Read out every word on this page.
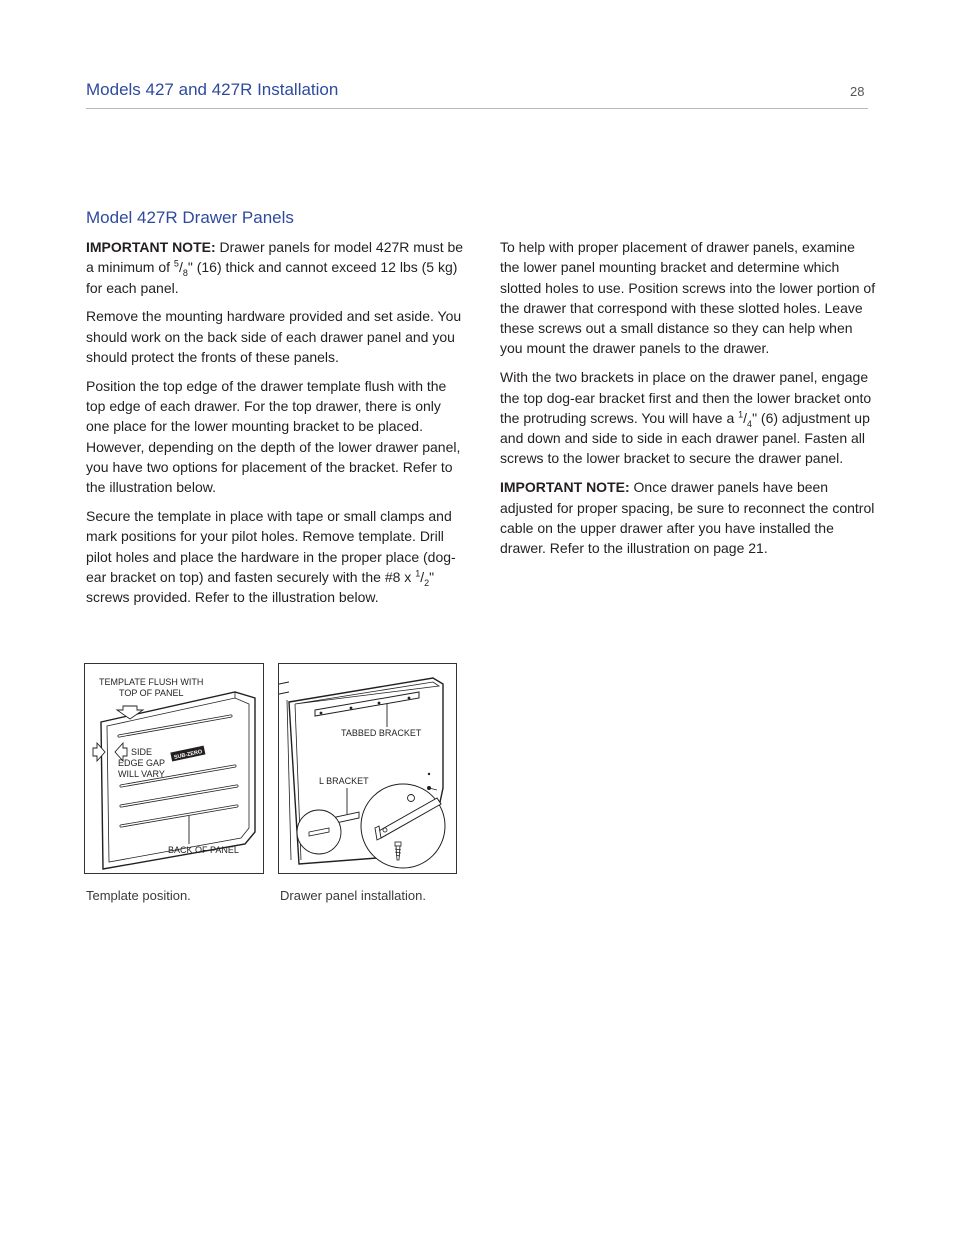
Models 427 and 427R Installation	28
Model 427R Drawer Panels

IMPORTANT NOTE: Drawer panels for model 427R must be a minimum of $^5/_8$" (16) thick and cannot exceed 12 lbs (5 kg) for each panel.

Remove the mounting hardware provided and set aside. You should work on the back side of each drawer panel and you should protect the fronts of these panels.

Position the top edge of the drawer template flush with the top edge of each drawer. For the top drawer, there is only one place for the lower mounting bracket to be placed. However, depending on the depth of the lower drawer panel, you have two options for placement of the bracket. Refer to the illustration below.

Secure the template in place with tape or small clamps and mark positions for your pilot holes. Remove template. Drill pilot holes and place the hardware in the proper place (dog-ear bracket on top) and fasten securely with the #8 x $^1/_2$" screws provided. Refer to the illustration below.

To help with proper placement of drawer panels, examine the lower panel mounting bracket and determine which slotted holes to use. Position screws into the lower portion of the drawer that correspond with these slotted holes. Leave these screws out a small distance so they can help when you mount the drawer panels to the drawer.

With the two brackets in place on the drawer panel, engage the top dog-ear bracket first and then the lower bracket onto the protruding screws. You will have a $^1/_4$" (6) adjustment up and down and side to side in each drawer panel. Fasten all screws to the lower bracket to secure the drawer panel.

IMPORTANT NOTE: Once drawer panels have been adjusted for proper spacing, be sure to reconnect the control cable on the upper drawer after you have installed the drawer. Refer to the illustration on page 21.

SUB-ZERO
TEMPLATE FLUSH WITH
TOP OF PANEL
SIDE
EDGE GAP
WILL VARY
BACK OF PANEL
TABBED BRACKET
L BRACKET
Template position.	Drawer panel installation.
